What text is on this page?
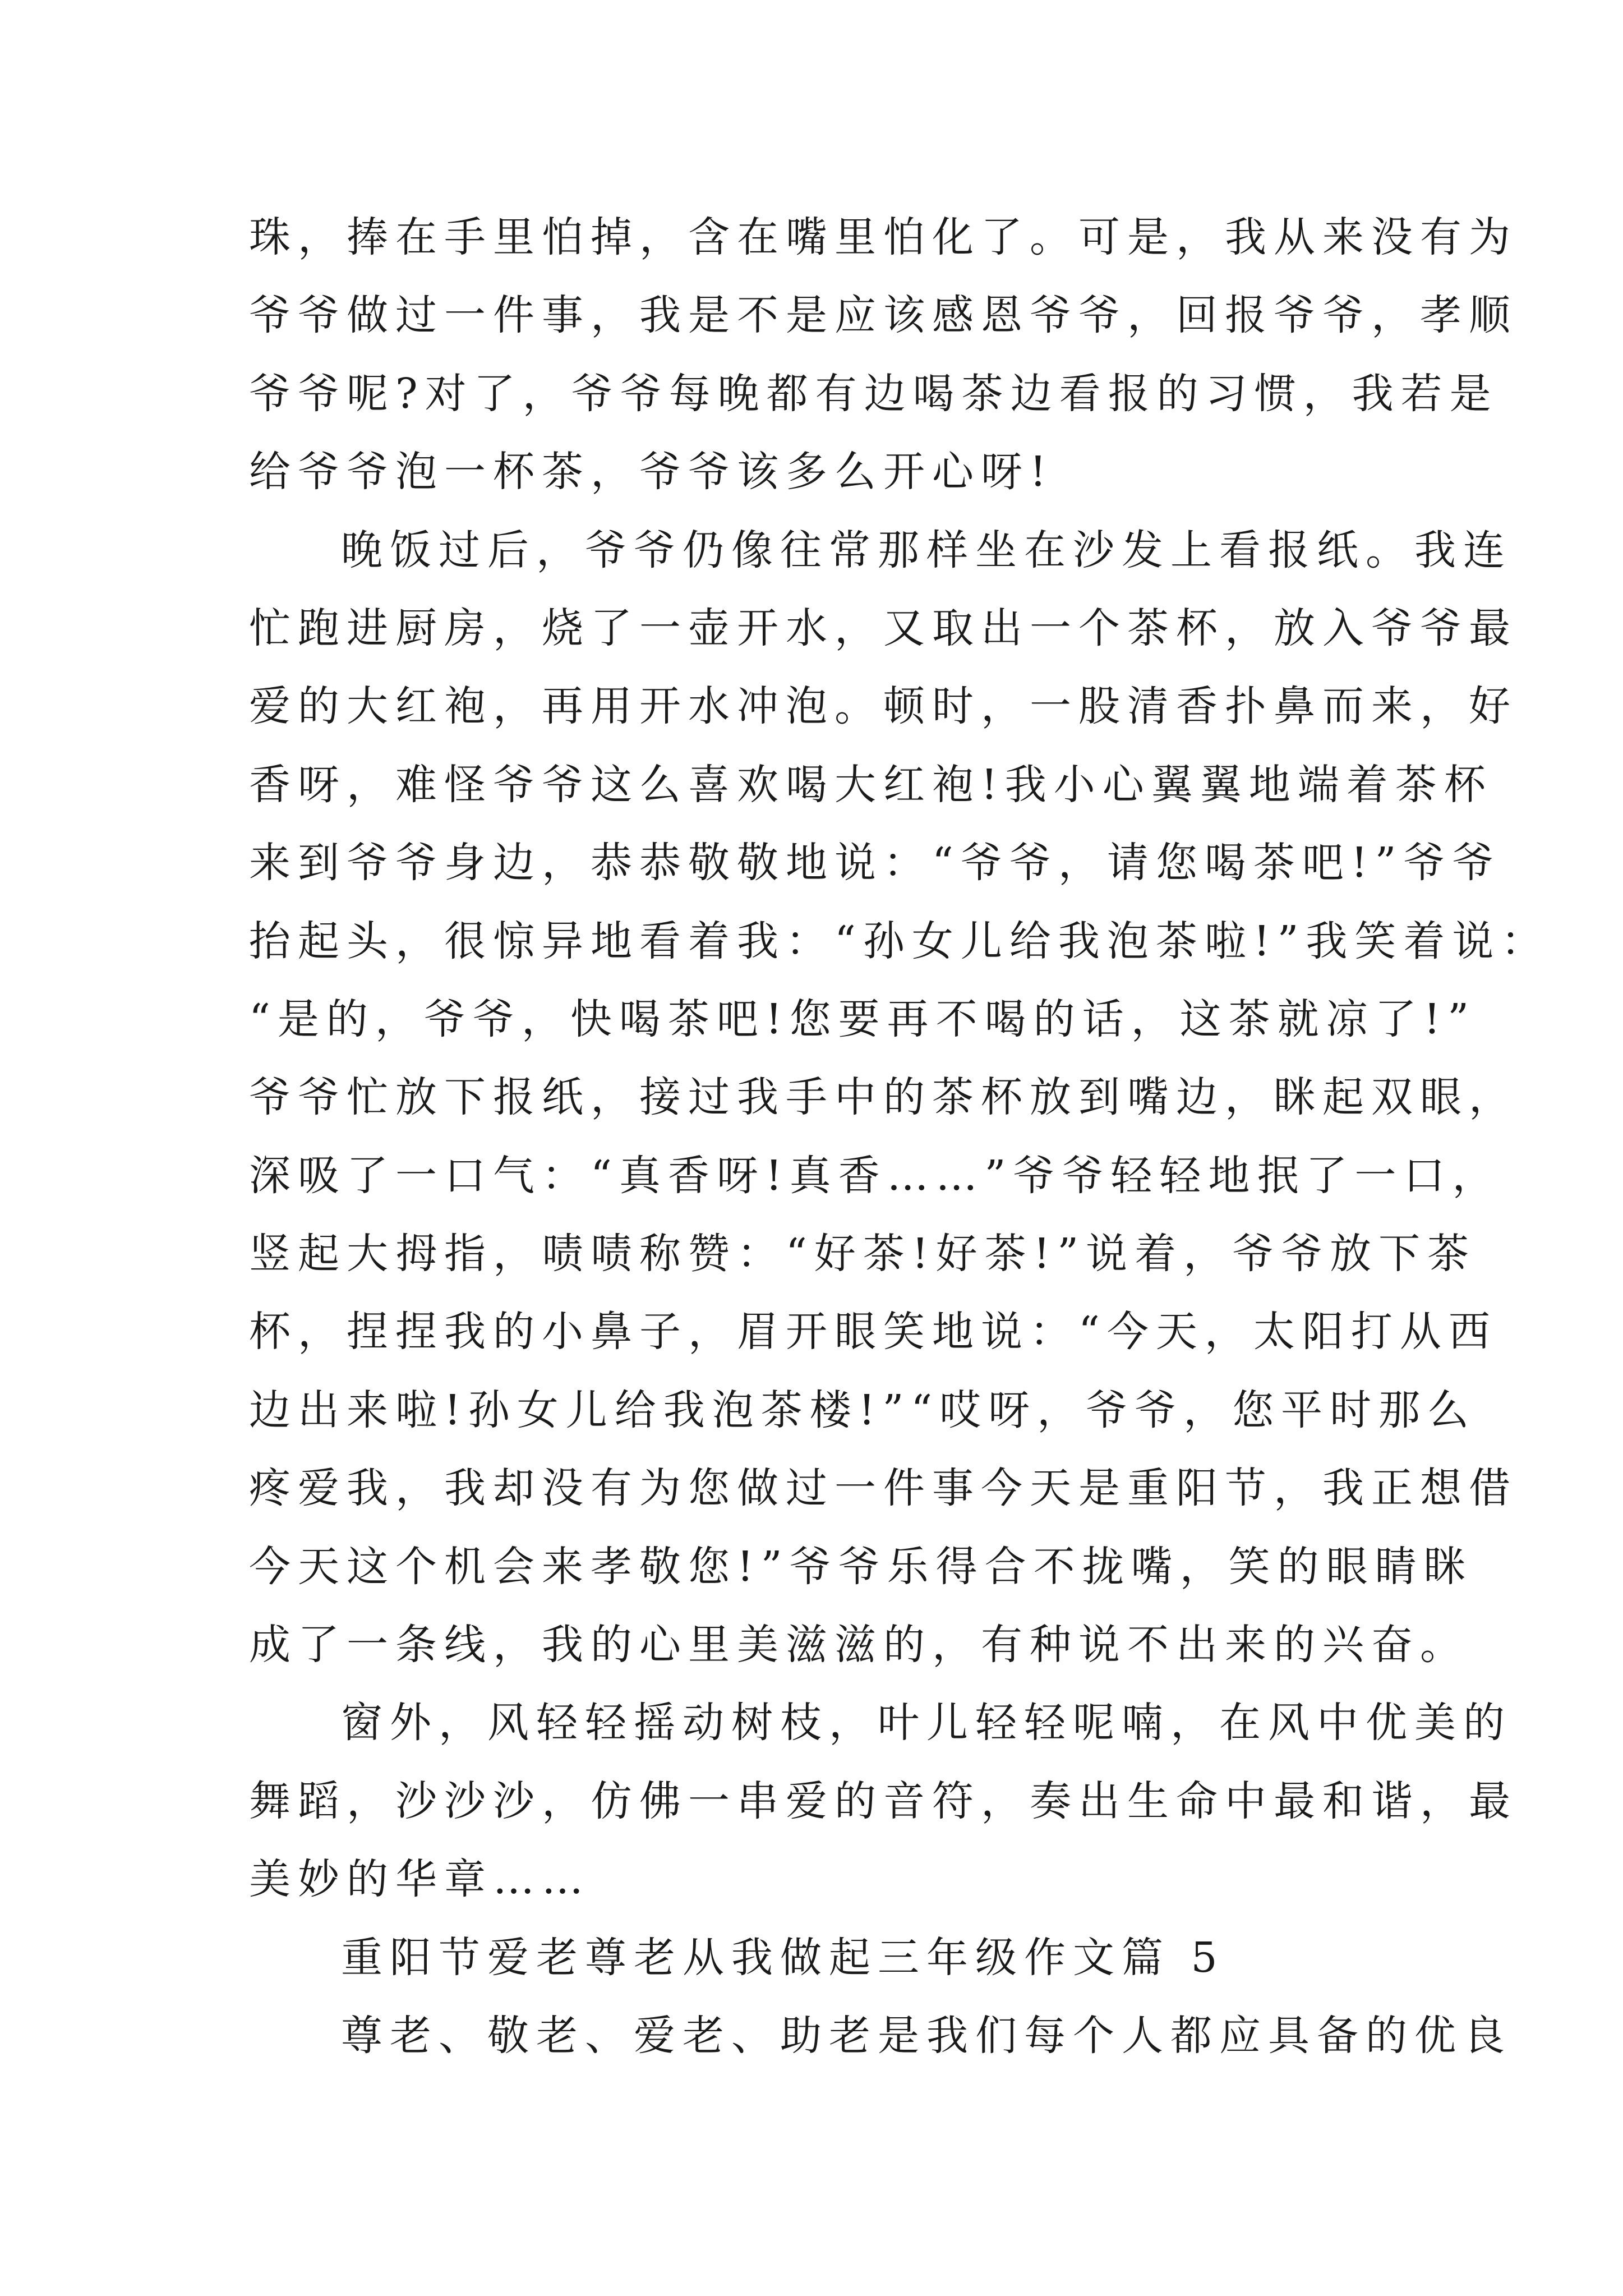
珠，捧在手里怕掉，含在嘴里怕化了。可是，我从来没有为
爷爷做过一件事，我是不是应该感恩爷爷，回报爷爷，孝顺
爷爷呢?对了，爷爷每晚都有边喝茶边看报的习惯，我若是
给爷爷泡一杯茶，爷爷该多么开心呀!
晚饭过后，爷爷仍像往常那样坐在沙发上看报纸。我连
忙跑进厨房，烧了一壶开水，又取出一个茶杯，放入爷爷最
爱的大红袍，再用开水冲泡。顿时，一股清香扑鼻而来，好
香呀，难怪爷爷这么喜欢喝大红袍!我小心翼翼地端着茶杯
来到爷爷身边，恭恭敬敬地说：“爷爷，请您喝茶吧!”爷爷
抬起头，很惊异地看着我：“孙女儿给我泡茶啦!”我笑着说：
“是的，爷爷，快喝茶吧!您要再不喝的话，这茶就凉了!”
爷爷忙放下报纸，接过我手中的茶杯放到嘴边，眯起双眼，
深吸了一口气：“真香呀!真香……”爷爷轻轻地抿了一口，
竖起大拇指，啧啧称赞：“好茶!好茶!”说着，爷爷放下茶
杯，捏捏我的小鼻子，眉开眼笑地说：“今天，太阳打从西
边出来啦!孙女儿给我泡茶楼!”“哎呀，爷爷，您平时那么
疼爱我，我却没有为您做过一件事今天是重阳节，我正想借
今天这个机会来孝敬您!”爷爷乐得合不拢嘴，笑的眼睛眯
成了一条线，我的心里美滋滋的，有种说不出来的兴奋。
窗外，风轻轻摇动树枝，叶儿轻轻呢喃，在风中优美的
舞蹈，沙沙沙，仿佛一串爱的音符，奏出生命中最和谐，最
美妙的华章……
重阳节爱老尊老从我做起三年级作文篇 5
尊老、敬老、爱老、助老是我们每个人都应具备的优良
